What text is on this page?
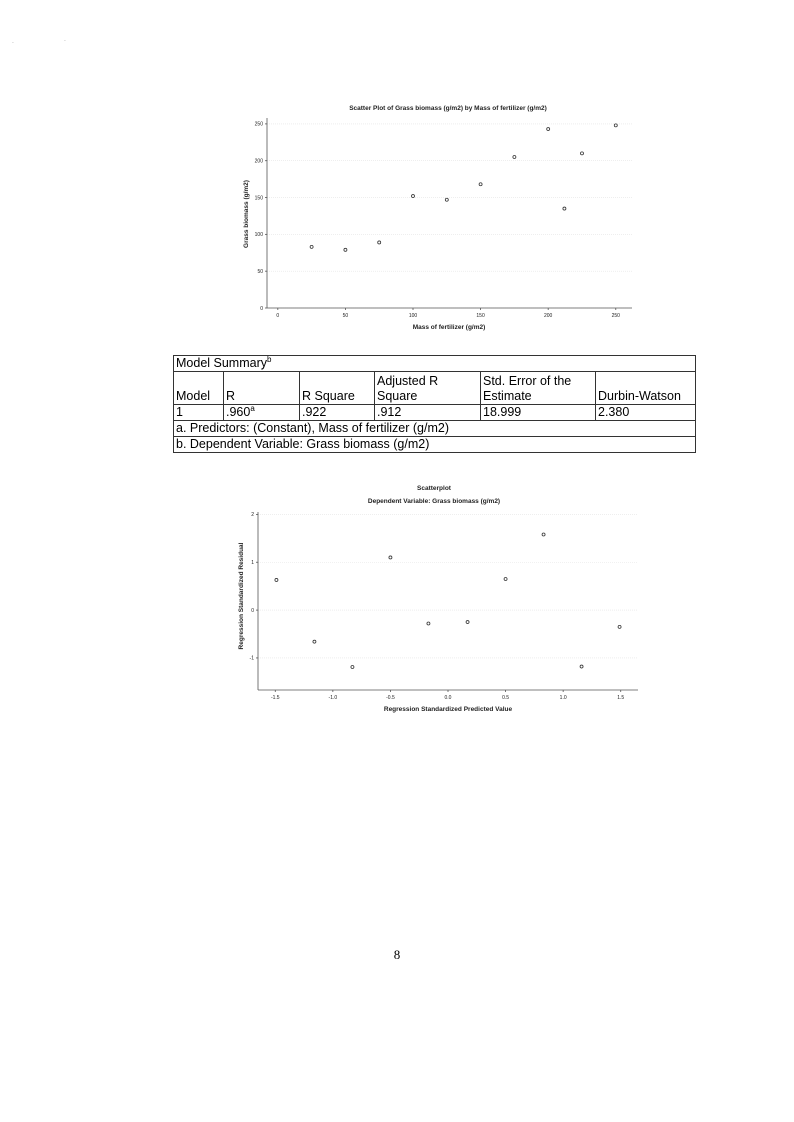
0	50	100	150	200	250
0
50
100
150
200
250
Scatter Plot of Grass biomass (g/m2) by Mass of fertilizer (g/m2)
Mass of fertilizer (g/m2)
Grass biomass (g/m2)
Model Summary$^b$
Model	R	R Square	Adjusted R Square	Std. Error of the Estimate	Durbin-Watson
1	.960$^a$	.922	.912	18.999	2.380
a. Predictors: (Constant), Mass of fertilizer (g/m2)					
b. Dependent Variable: Grass biomass (g/m2)					
-1.5	-1.0	-0.5	0.0	0.5	1.0	1.5
-1
0
1
2
Scatterplot
Dependent Variable: Grass biomass (g/m2)
Regression Standardized Predicted Value
Regression Standardized Residual
8
·	·
